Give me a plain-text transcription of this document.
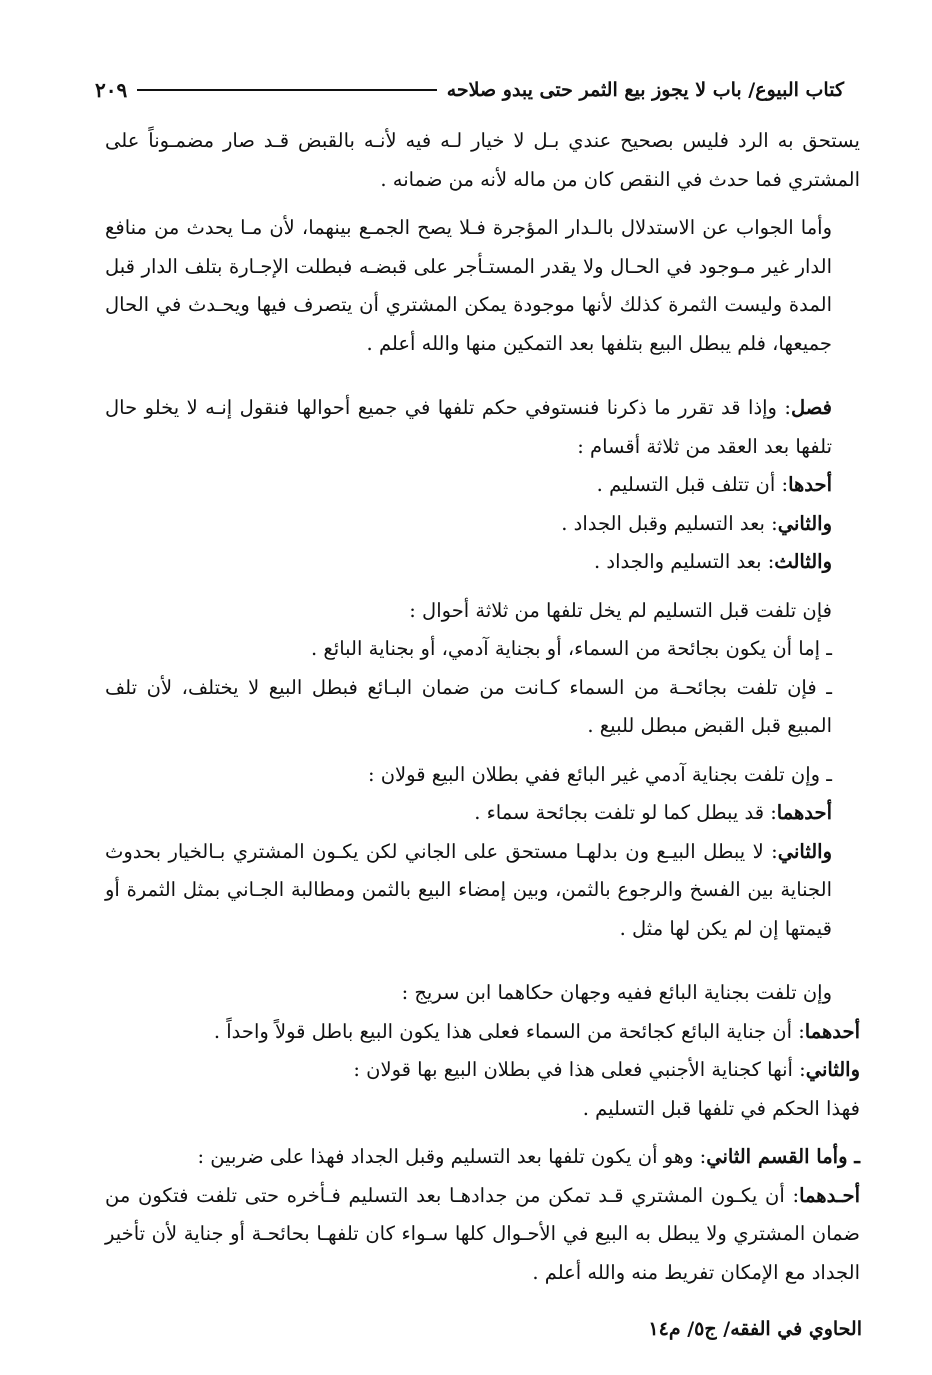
كتاب البيوع/ باب لا يجوز بيع الثمر حتى يبدو صلاحه
٢٠٩

يستحق به الرد فليس بصحيح عندي بـل لا خيار لـه فيه لأنـه بالقبض قـد صار مضمـوناً على المشتري فما حدث في النقص كان من ماله لأنه من ضمانه .

وأما الجواب عن الاستدلال بالـدار المؤجرة فـلا يصح الجمـع بينهما، لأن مـا يحدث من منافع الدار غير مـوجود في الحـال ولا يقدر المستـأجر على قبضـه فبطلت الإجـارة بتلف الدار قبل المدة وليست الثمرة كذلك لأنها موجودة يمكن المشتري أن يتصرف فيها ويحـدث في الحال جميعها، فلم يبطل البيع بتلفها بعد التمكين منها والله أعلم .

فصل: وإذا قد تقرر ما ذكرنا فنستوفي حكم تلفها في جميع أحوالها فنقول إنـه لا يخلو حال تلفها بعد العقد من ثلاثة أقسام :

أحدها: أن تتلف قبل التسليم .

والثاني: بعد التسليم وقبل الجداد .

والثالث: بعد التسليم والجداد .

فإن تلفت قبل التسليم لم يخل تلفها من ثلاثة أحوال :

ـ إما أن يكون بجائحة من السماء، أو بجناية آدمي، أو بجناية البائع .

ـ فإن تلفت بجائحـة من السماء كـانت من ضمان البـائع فبطل البيع لا يختلف، لأن تلف المبيع قبل القبض مبطل للبيع .

ـ وإن تلفت بجناية آدمي غير البائع ففي بطلان البيع قولان :

أحدهما: قد يبطل كما لو تلفت بجائحة سماء .

والثاني: لا يبطل البيـع ون بدلهـا مستحق على الجاني لكن يكـون المشتري بـالخيار بحدوث الجناية بين الفسخ والرجوع بالثمن، وبين إمضاء البيع بالثمن ومطالبة الجـاني بمثل الثمرة أو قيمتها إن لم يكن لها مثل .

وإن تلفت بجناية البائع ففيه وجهان حكاهما ابن سريج :

أحدهما: أن جناية البائع كجائحة من السماء فعلى هذا يكون البيع باطل قولاً واحداً .

والثاني: أنها كجناية الأجنبي فعلى هذا في بطلان البيع بها قولان :

فهذا الحكم في تلفها قبل التسليم .

ـ وأما القسم الثاني: وهو أن يكون تلفها بعد التسليم وقبل الجداد فهذا على ضربين :

أحـدهما: أن يكـون المشتري قـد تمكن من جدادهـا بعد التسليم فـأخره حتى تلفت فتكون من ضمان المشتري ولا يبطل به البيع في الأحـوال كلها سـواء كان تلفهـا بحائحـة أو جناية لأن تأخير الجداد مع الإمكان تفريط منه والله أعلم .

الحاوي في الفقه/ ج٥/ م١٤
